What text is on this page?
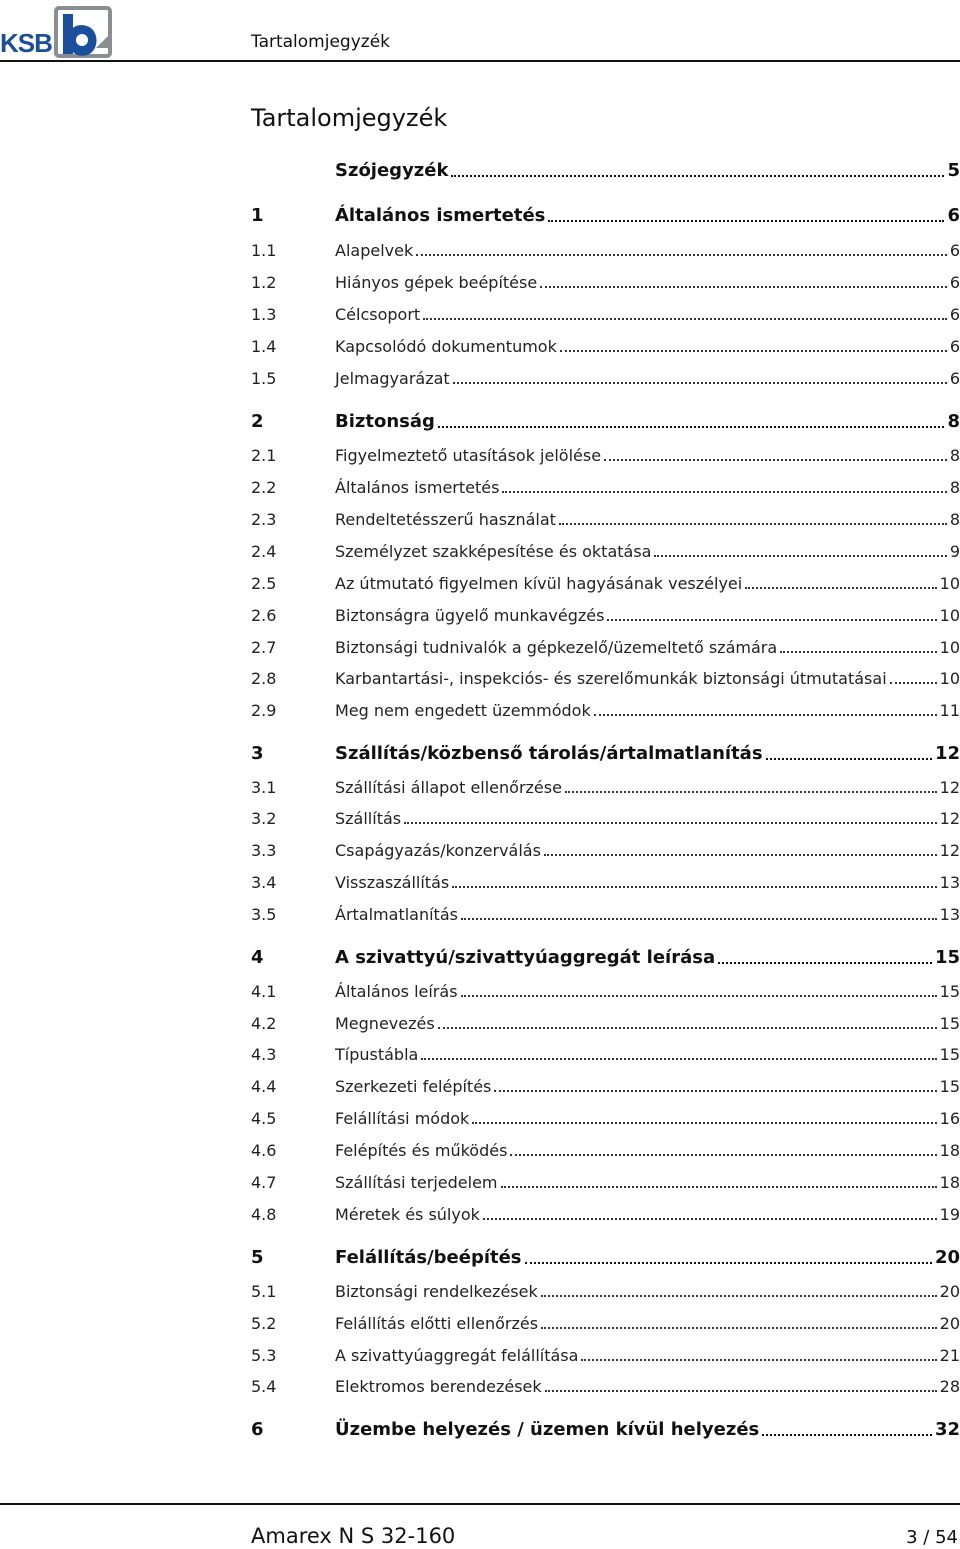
KSB	Tartalomjegyzék
Tartalomjegyzék
Szójegyzék	5
1	Általános ismertetés	6
1.1	Alapelvek	6
1.2	Hiányos gépek beépítése	6
1.3	Célcsoport	6
1.4	Kapcsolódó dokumentumok	6
1.5	Jelmagyarázat	6
2	Biztonság	8
2.1	Figyelmeztető utasítások jelölése	8
2.2	Általános ismertetés	8
2.3	Rendeltetésszerű használat	8
2.4	Személyzet szakképesítése és oktatása	9
2.5	Az útmutató figyelmen kívül hagyásának veszélyei	10
2.6	Biztonságra ügyelő munkavégzés	10
2.7	Biztonsági tudnivalók a gépkezelő/üzemeltető számára	10
2.8	Karbantartási-, inspekciós- és szerelőmunkák biztonsági útmutatásai	10
2.9	Meg nem engedett üzemmódok	11
3	Szállítás/közbenső tárolás/ártalmatlanítás	12
3.1	Szállítási állapot ellenőrzése	12
3.2	Szállítás	12
3.3	Csapágyazás/konzerválás	12
3.4	Visszaszállítás	13
3.5	Ártalmatlanítás	13
4	A szivattyú/szivattyúaggregát leírása	15
4.1	Általános leírás	15
4.2	Megnevezés	15
4.3	Típustábla	15
4.4	Szerkezeti felépítés	15
4.5	Felállítási módok	16
4.6	Felépítés és működés	18
4.7	Szállítási terjedelem	18
4.8	Méretek és súlyok	19
5	Felállítás/beépítés	20
5.1	Biztonsági rendelkezések	20
5.2	Felállítás előtti ellenőrzés	20
5.3	A szivattyúaggregát felállítása	21
5.4	Elektromos berendezések	28
6	Üzembe helyezés / üzemen kívül helyezés	32
Amarex N S 32-160	3 / 54
